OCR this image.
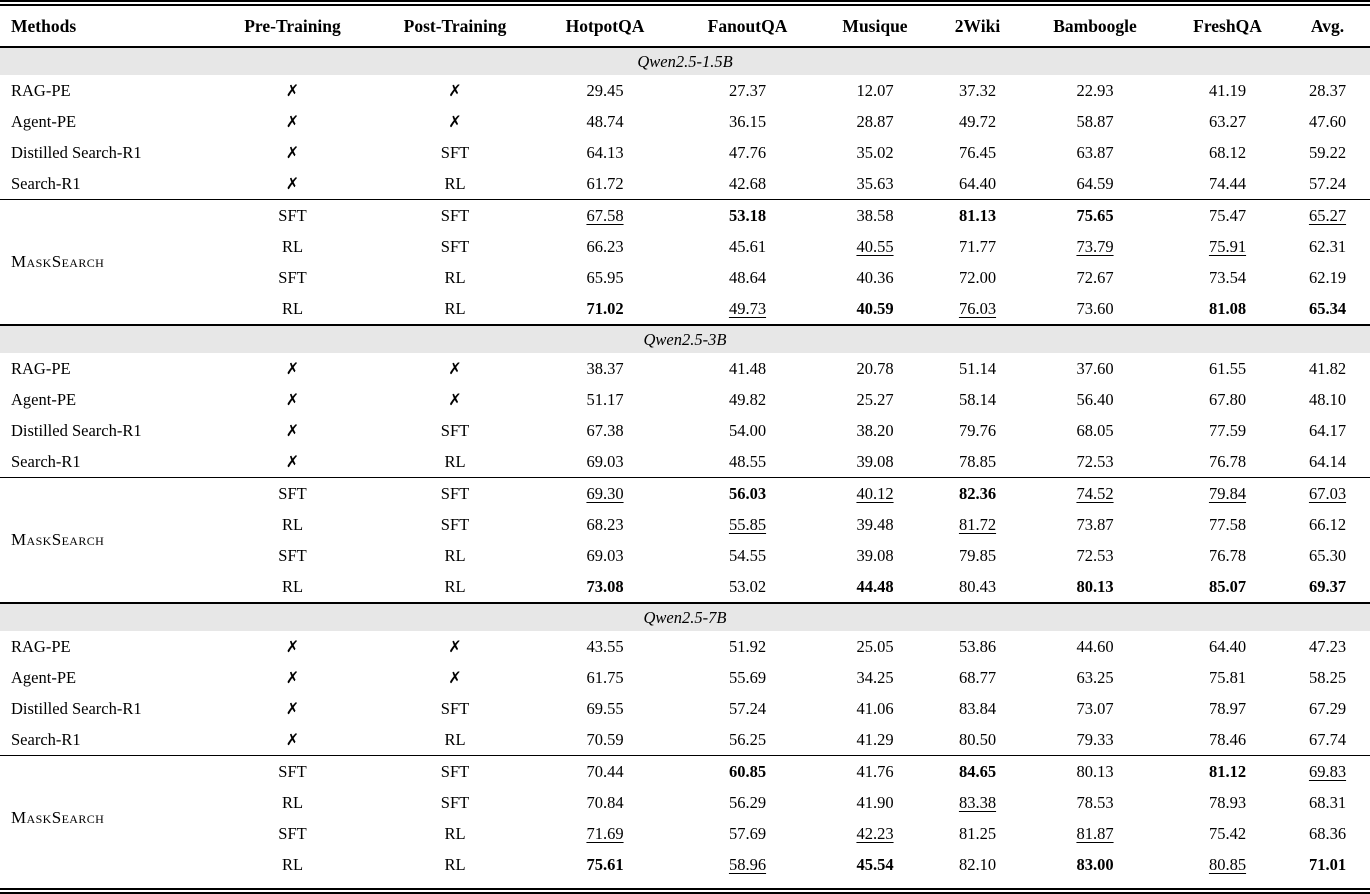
Methods	Pre-Training	Post-Training	HotpotQA	FanoutQA	Musique	2Wiki	Bamboogle	FreshQA	Avg.
Qwen2.5-1.5B									
RAG-PE	✗	✗	29.45	27.37	12.07	37.32	22.93	41.19	28.37
Agent-PE	✗	✗	48.74	36.15	28.87	49.72	58.87	63.27	47.60
Distilled Search-R1	✗	SFT	64.13	47.76	35.02	76.45	63.87	68.12	59.22
Search-R1	✗	RL	61.72	42.68	35.63	64.40	64.59	74.44	57.24
MaskSearch	SFT	SFT	67.58	53.18	38.58	81.13	75.65	75.47	65.27
	RL	SFT	66.23	45.61	40.55	71.77	73.79	75.91	62.31
	SFT	RL	65.95	48.64	40.36	72.00	72.67	73.54	62.19
	RL	RL	71.02	49.73	40.59	76.03	73.60	81.08	65.34
Qwen2.5-3B									
RAG-PE	✗	✗	38.37	41.48	20.78	51.14	37.60	61.55	41.82
Agent-PE	✗	✗	51.17	49.82	25.27	58.14	56.40	67.80	48.10
Distilled Search-R1	✗	SFT	67.38	54.00	38.20	79.76	68.05	77.59	64.17
Search-R1	✗	RL	69.03	48.55	39.08	78.85	72.53	76.78	64.14
MaskSearch	SFT	SFT	69.30	56.03	40.12	82.36	74.52	79.84	67.03
	RL	SFT	68.23	55.85	39.48	81.72	73.87	77.58	66.12
	SFT	RL	69.03	54.55	39.08	79.85	72.53	76.78	65.30
	RL	RL	73.08	53.02	44.48	80.43	80.13	85.07	69.37
Qwen2.5-7B									
RAG-PE	✗	✗	43.55	51.92	25.05	53.86	44.60	64.40	47.23
Agent-PE	✗	✗	61.75	55.69	34.25	68.77	63.25	75.81	58.25
Distilled Search-R1	✗	SFT	69.55	57.24	41.06	83.84	73.07	78.97	67.29
Search-R1	✗	RL	70.59	56.25	41.29	80.50	79.33	78.46	67.74
MaskSearch	SFT	SFT	70.44	60.85	41.76	84.65	80.13	81.12	69.83
	RL	SFT	70.84	56.29	41.90	83.38	78.53	78.93	68.31
	SFT	RL	71.69	57.69	42.23	81.25	81.87	75.42	68.36
	RL	RL	75.61	58.96	45.54	82.10	83.00	80.85	71.01
